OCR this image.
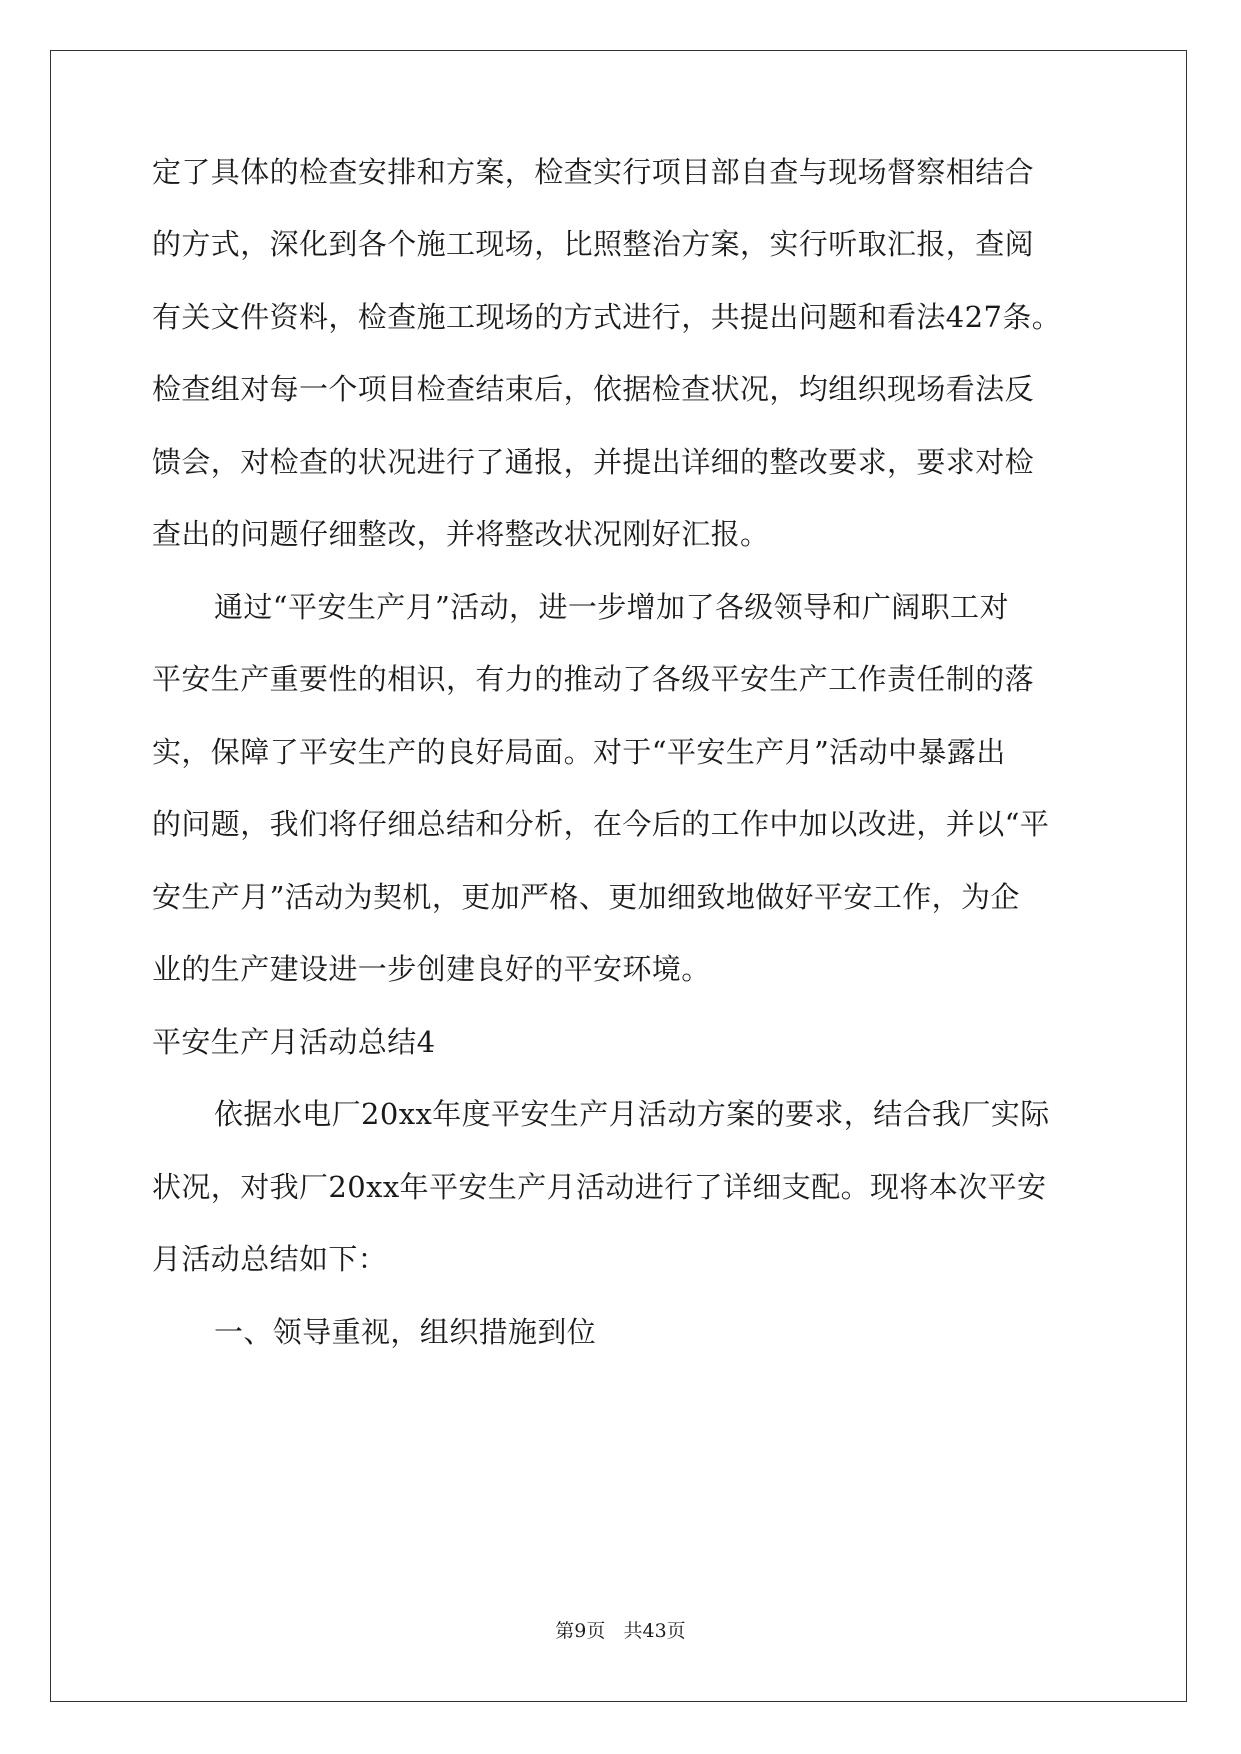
定了具体的检查安排和方案，检查实行项目部自查与现场督察相结合

的方式，深化到各个施工现场，比照整治方案，实行听取汇报，查阅

有关文件资料，检查施工现场的方式进行，共提出问题和看法427条。

检查组对每一个项目检查结束后，依据检查状况，均组织现场看法反

馈会，对检查的状况进行了通报，并提出详细的整改要求，要求对检

查出的问题仔细整改，并将整改状况刚好汇报。

通过“平安生产月”活动，进一步增加了各级领导和广阔职工对

平安生产重要性的相识，有力的推动了各级平安生产工作责任制的落

实，保障了平安生产的良好局面。对于“平安生产月”活动中暴露出

的问题，我们将仔细总结和分析，在今后的工作中加以改进，并以“平

安生产月”活动为契机，更加严格、更加细致地做好平安工作，为企

业的生产建设进一步创建良好的平安环境。

平安生产月活动总结4

依据水电厂20xx年度平安生产月活动方案的要求，结合我厂实际

状况，对我厂20xx年平安生产月活动进行了详细支配。现将本次平安

月活动总结如下：

一、领导重视，组织措施到位

第9页   共43页
